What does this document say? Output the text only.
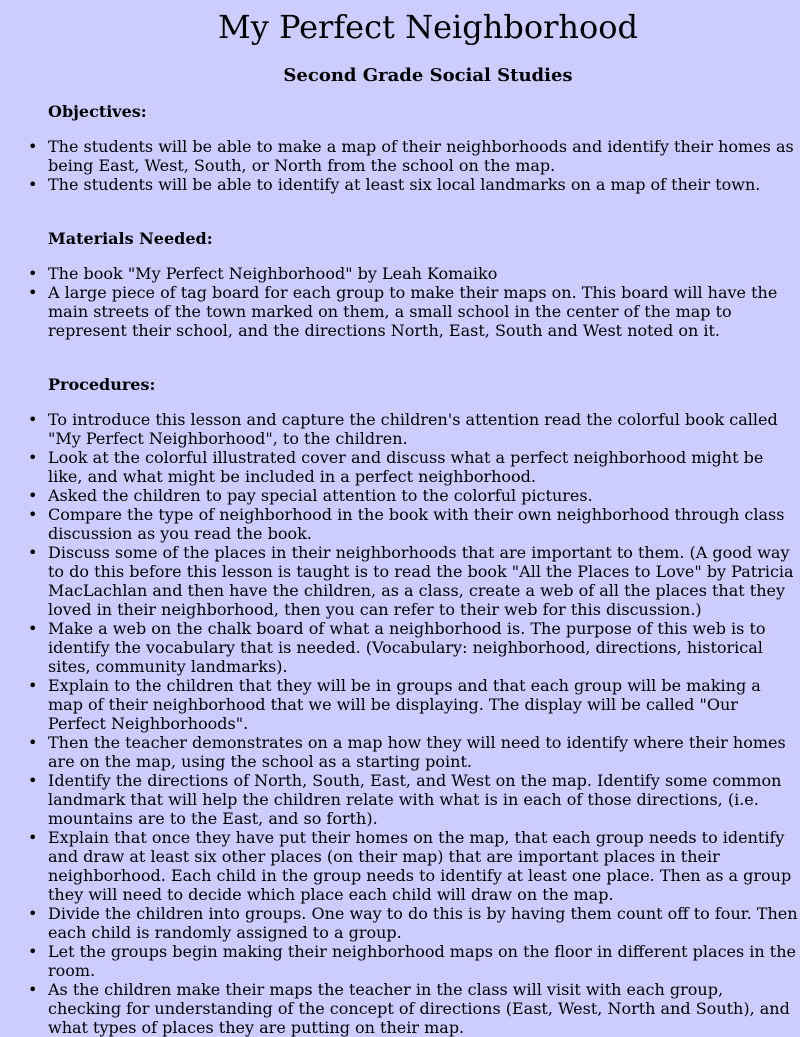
My Perfect Neighborhood
Second Grade Social Studies
Objectives:
• The students will be able to make a map of their neighborhoods and identify their homes as being East, West, South, or North from the school on the map.
• The students will be able to identify at least six local landmarks on a map of their town.
Materials Needed:
• The book "My Perfect Neighborhood" by Leah Komaiko
• A large piece of tag board for each group to make their maps on. This board will have the main streets of the town marked on them, a small school in the center of the map to represent their school, and the directions North, East, South and West noted on it.
Procedures:
• To introduce this lesson and capture the children's attention read the colorful book called "My Perfect Neighborhood", to the children.
• Look at the colorful illustrated cover and discuss what a perfect neighborhood might be like, and what might be included in a perfect neighborhood.
• Asked the children to pay special attention to the colorful pictures.
• Compare the type of neighborhood in the book with their own neighborhood through class discussion as you read the book.
• Discuss some of the places in their neighborhoods that are important to them. (A good way to do this before this lesson is taught is to read the book "All the Places to Love" by Patricia MacLachlan and then have the children, as a class, create a web of all the places that they loved in their neighborhood, then you can refer to their web for this discussion.)
• Make a web on the chalk board of what a neighborhood is. The purpose of this web is to identify the vocabulary that is needed. (Vocabulary: neighborhood, directions, historical sites, community landmarks).
• Explain to the children that they will be in groups and that each group will be making a map of their neighborhood that we will be displaying. The display will be called "Our Perfect Neighborhoods".
• Then the teacher demonstrates on a map how they will need to identify where their homes are on the map, using the school as a starting point.
• Identify the directions of North, South, East, and West on the map. Identify some common landmark that will help the children relate with what is in each of those directions, (i.e. mountains are to the East, and so forth).
• Explain that once they have put their homes on the map, that each group needs to identify and draw at least six other places (on their map) that are important places in their neighborhood. Each child in the group needs to identify at least one place. Then as a group they will need to decide which place each child will draw on the map.
• Divide the children into groups. One way to do this is by having them count off to four. Then each child is randomly assigned to a group.
• Let the groups begin making their neighborhood maps on the floor in different places in the room.
• As the children make their maps the teacher in the class will visit with each group, checking for understanding of the concept of directions (East, West, North and South), and what types of places they are putting on their map.
